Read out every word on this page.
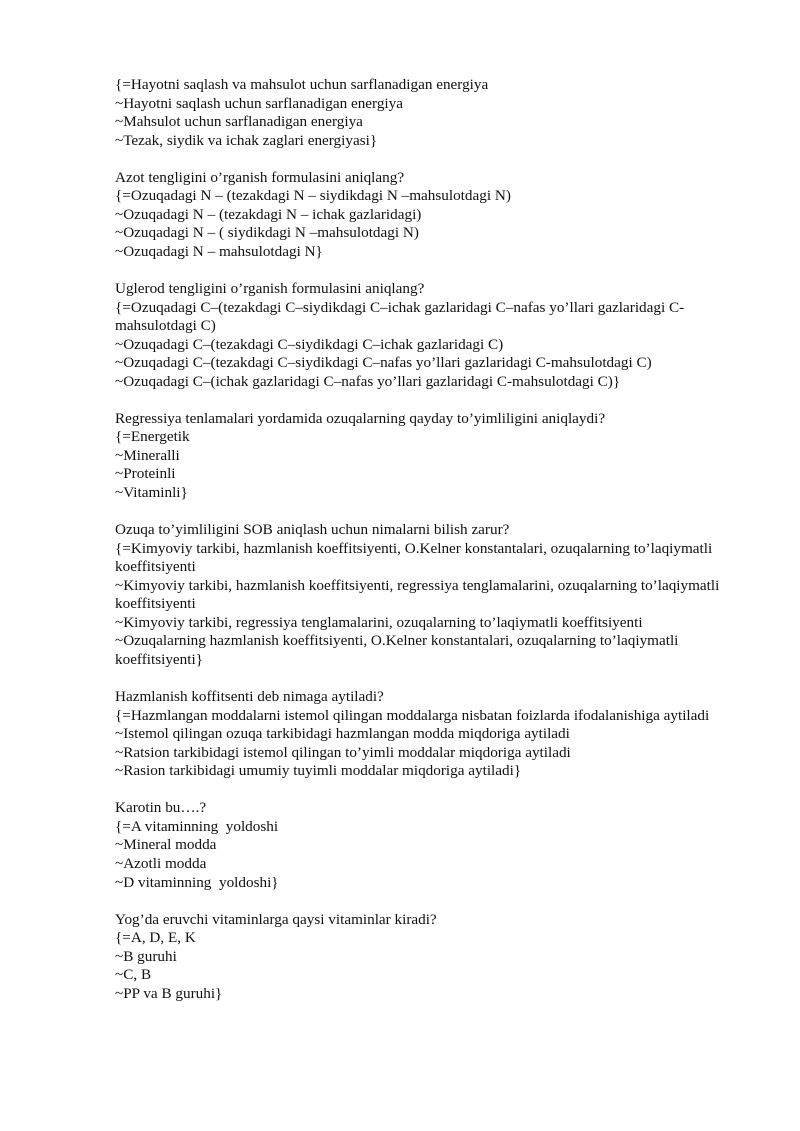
{=Hayotni saqlash va mahsulot uchun sarflanadigan energiya
~Hayotni saqlash uchun sarflanadigan energiya
~Mahsulot uchun sarflanadigan energiya
~Tezak, siydik va ichak zaglari energiyasi}
Azot tengligini o’rganish formulasini aniqlang?
{=Ozuqadagi N – (tezakdagi N – siydikdagi N –mahsulotdagi N)
~Ozuqadagi N – (tezakdagi N – ichak gazlaridagi)
~Ozuqadagi N – ( siydikdagi N –mahsulotdagi N)
~Ozuqadagi N – mahsulotdagi N}
Uglerod tengligini o’rganish formulasini aniqlang?
{=Ozuqadagi C–(tezakdagi C–siydikdagi C–ichak gazlaridagi C–nafas yo’llari gazlaridagi C-mahsulotdagi C)
~Ozuqadagi C–(tezakdagi C–siydikdagi C–ichak gazlaridagi C)
~Ozuqadagi C–(tezakdagi C–siydikdagi C–nafas yo’llari gazlaridagi C-mahsulotdagi C)
~Ozuqadagi C–(ichak gazlaridagi C–nafas yo’llari gazlaridagi C-mahsulotdagi C)}
Regressiya tenlamalari yordamida ozuqalarning qayday to’yimliligini aniqlaydi?
{=Energetik
~Mineralli
~Proteinli
~Vitaminli}
Ozuqa to’yimliligini SOB aniqlash uchun nimalarni bilish zarur?
{=Kimyoviy tarkibi, hazmlanish koeffitsiyenti, O.Kelner konstantalari, ozuqalarning to’laqiymatli koeffitsiyenti
~Kimyoviy tarkibi, hazmlanish koeffitsiyenti, regressiya tenglamalarini, ozuqalarning to’laqiymatli koeffitsiyenti
~Kimyoviy tarkibi, regressiya tenglamalarini, ozuqalarning to’laqiymatli koeffitsiyenti
~Ozuqalarning hazmlanish koeffitsiyenti, O.Kelner konstantalari, ozuqalarning to’laqiymatli koeffitsiyenti}
Hazmlanish koffitsenti deb nimaga aytiladi?
{=Hazmlangan moddalarni istemol qilingan moddalarga nisbatan foizlarda ifodalanishiga aytiladi
~Istemol qilingan ozuqa tarkibidagi hazmlangan modda miqdoriga aytiladi
~Ratsion tarkibidagi istemol qilingan to’yimli moddalar miqdoriga aytiladi
~Rasion tarkibidagi umumiy tuyimli moddalar miqdoriga aytiladi}
Karotin bu….?
{=A vitaminning  yoldoshi
~Mineral modda
~Azotli modda
~D vitaminning  yoldoshi}
Yog’da eruvchi vitaminlarga qaysi vitaminlar kiradi?
{=A, D, E, K
~B guruhi
~C, B
~PP va B guruhi}
